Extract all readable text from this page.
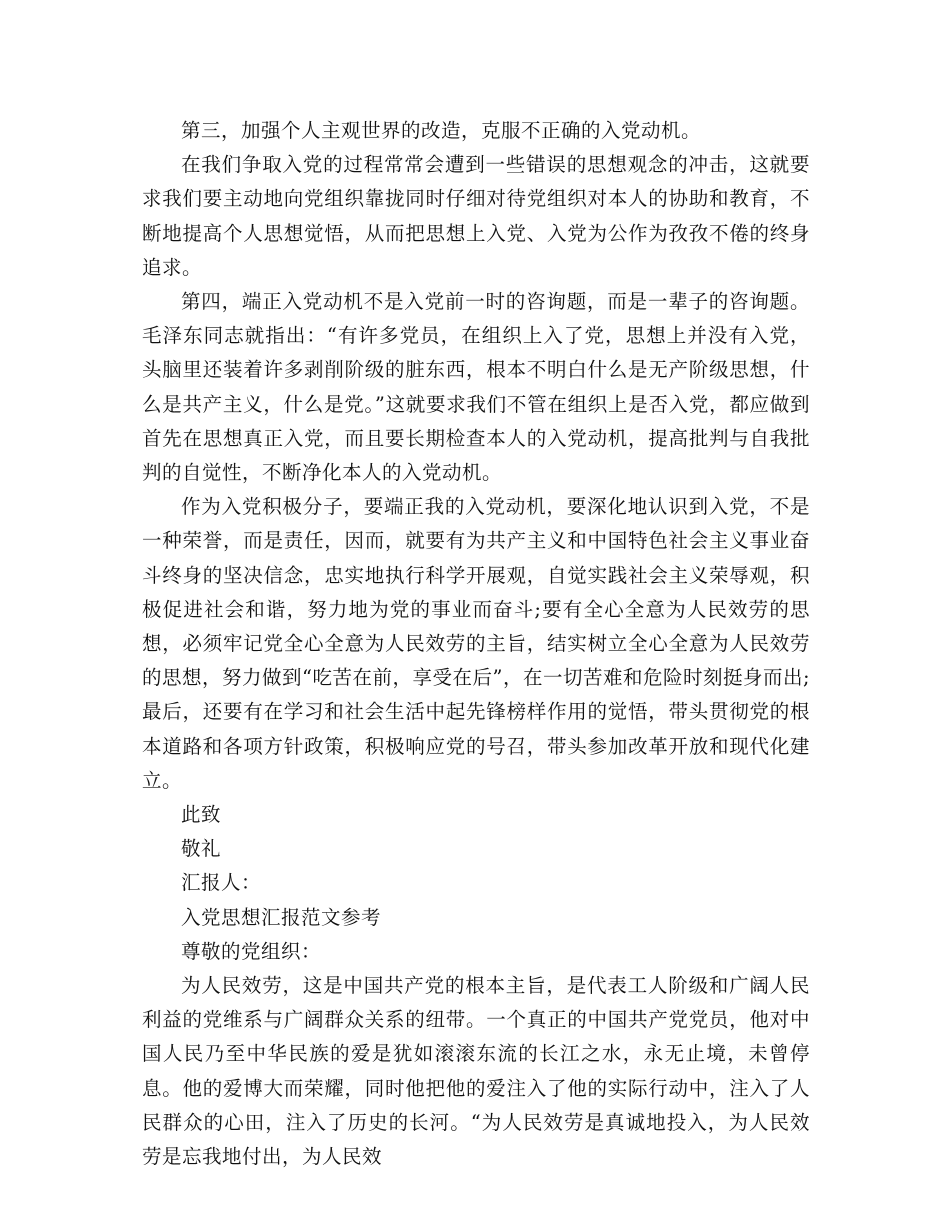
第三，加强个人主观世界的改造，克服不正确的入党动机。

在我们争取入党的过程常常会遭到一些错误的思想观念的冲击，这就要求我们要主动地向党组织靠拢同时仔细对待党组织对本人的协助和教育，不断地提高个人思想觉悟，从而把思想上入党、入党为公作为孜孜不倦的终身追求。

第四，端正入党动机不是入党前一时的咨询题，而是一辈子的咨询题。毛泽东同志就指出：“有许多党员，在组织上入了党，思想上并没有入党，头脑里还装着许多剥削阶级的脏东西，根本不明白什么是无产阶级思想，什么是共产主义，什么是党。”这就要求我们不管在组织上是否入党，都应做到首先在思想真正入党，而且要长期检查本人的入党动机，提高批判与自我批判的自觉性，不断净化本人的入党动机。

作为入党积极分子，要端正我的入党动机，要深化地认识到入党，不是一种荣誉，而是责任，因而，就要有为共产主义和中国特色社会主义事业奋斗终身的坚决信念，忠实地执行科学开展观，自觉实践社会主义荣辱观，积极促进社会和谐，努力地为党的事业而奋斗;要有全心全意为人民效劳的思想，必须牢记党全心全意为人民效劳的主旨，结实树立全心全意为人民效劳的思想，努力做到“吃苦在前，享受在后”，在一切苦难和危险时刻挺身而出;最后，还要有在学习和社会生活中起先锋榜样作用的觉悟，带头贯彻党的根本道路和各项方针政策，积极响应党的号召，带头参加改革开放和现代化建立。

此致

敬礼

汇报人：

入党思想汇报范文参考

尊敬的党组织：

为人民效劳，这是中国共产党的根本主旨，是代表工人阶级和广阔人民利益的党维系与广阔群众关系的纽带。一个真正的中国共产党党员，他对中国人民乃至中华民族的爱是犹如滚滚东流的长江之水，永无止境，未曾停息。他的爱博大而荣耀，同时他把他的爱注入了他的实际行动中，注入了人民群众的心田，注入了历史的长河。“为人民效劳是真诚地投入，为人民效劳是忘我地付出，为人民效
